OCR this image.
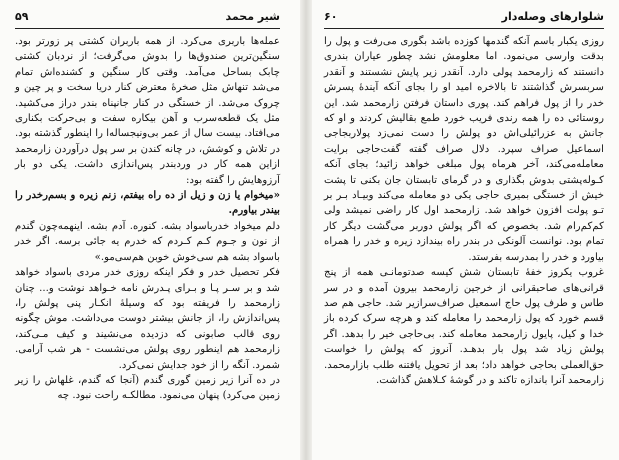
شیر محمد
۵۹

عمله‌ها باربری می‌کرد. از همه باربران کشتی پر زورتر بود. سنگین‌ترین صندوق‌ها را بدوش می‌گرفت؛ از نردبان کشتی چابک بساحل می‌آمد. وقتی کار سنگین و کشنده‌اش تمام می‌شد تنها‌ش مثل صخرهٔ معترض کنار دریا سخت و پر چین و چروک می‌شد. از خستگی در کنار جانپناه بندر دراز می‌کشید. مثل یک قطعه‌سرب و آهن بیکاره سفت و بی‌حرکت بکناری می‌افتاد. بیست سال از عمر بی‌ونیجساله‌ا را اینطور گذشته بود. در تلاش و کوشش، در چانه کندن بر سر پول درآوردن زارمحمد ازاین همه کار در وردبندر پس‌اندازی داشت. یکی دو بار آرزوهایش را گفته بود:

«میخوام یا زن و زیل از ده راه بیفتم، زنم زیره و بسم‌رخدر را بیندر بیاورم.

دلم میخواد خدرباسواد بشه. کنوره. آدم بشه. اینهمه‌چون گندم از نون و جـوم کـم کـردم که خدرم یه جائی برسه. اگر خدر باسواد بشه هم سی‌خوش خوبن هم‌سی‌مو.»

فکر تحصیل خدر و فکر اینکه روزی خدر مردی باسواد خواهد شد و بر سـر پـا و بـرای پـدرش نامه خـواهد نوشت و... چنان زارمحمد را فریفته بود که وسیلهٔ انکـار پنی پولش را، پس‌اندازش را، از جانش بیشتر دوست می‌داشت. موش چگونه روی قالب صابونی که دزدیده می‌نشیند و کیف مـی‌کند، زارمحمد هم اینطور روی پولش می‌نشست - هر شب آرامی. شمرد. آنگه را از خود جدایش نمی‌کرد.

در ده آنرا زیر زمین گوری گندم (آنجا که گندم، غلهاش را زیر زمین می‌کرد) پنهان می‌نمود. مطالکـه راحت نبود. چه

شلوارهای وصله‌دار
۶۰

روزی یکبار باسم آنکه گندمها کوزده باشد بگوری می‌رفت و پول را بدقت وارسی می‌نمود. اما معلومش نشد چطور عیاران بندری دانستند که زارمحمد پولی دارد. آنقدر زیر پایش نشستند و آنقدر سربسرش گذاشتند تا بالاخره امید او را بجای آنکه آیندهٔ پسرش خدر را از پول فراهم کند. پوری داستان فرفتن زارمحمد شد. این روستائی ده را همه رندی فریب خورد طمع بقالیش کردند و او که جانش به عزرائیلی‌اش دو پولش را دست نمی‌زد پولاربجاجی اسماعیل صراف سپرد. دلال صراف گفته گفت‌حاجی برایت معامله‌می‌کند، آخر هرماه پول مبلغی خواهد زائید؛ بجای آنکه کـوله‌پشتی بدوش بگذاری و در گرمای تابستان جان بکنی تا پشت خیش از خستگی بمیری حاجی یکی دو معامله می‌کند وبیـاد بـر بر تـو پولت افزون خواهد شد. زارمحمد اول کار راضی نمیشد ولی کم‌کم‌رام شد. بخصوص که اگر پولش دور‌بر می‌گشت دیگر کار تمام بود. نوانست آلونکی در بندر راه بیندازد زیره و خدر را همراه بیاورد و خدر را بمدرسه بفرستد.

غروب یکروز خفهٔ تابستان شش کیسه صدتومانـی همه از پنج قرانی‌های صاحبقرانی از خرجین زارمحمد بیرون آمده و در سر طاس و طرف پول حاج اسمعیل صراف‌سرازیر شد. حاجی هم صد قسم خورد که پول زارمحمد را معامله کند و هرچه سرک کرده باز خدا و کیل، پایول زارمحمد معامله کند. بی‌حاجی خیر را بدهد. اگر پولش زیاد شد پول بار بدهـد. آنروز که پولش را خواست حق‌العملی بحاجی خواهد داد؛ بعد از تحویل یافتنه طلب بازارمحمد. زارمحمد آنرا باندازه تاکند و در گوشهٔ کـلاهش گذاشت.
